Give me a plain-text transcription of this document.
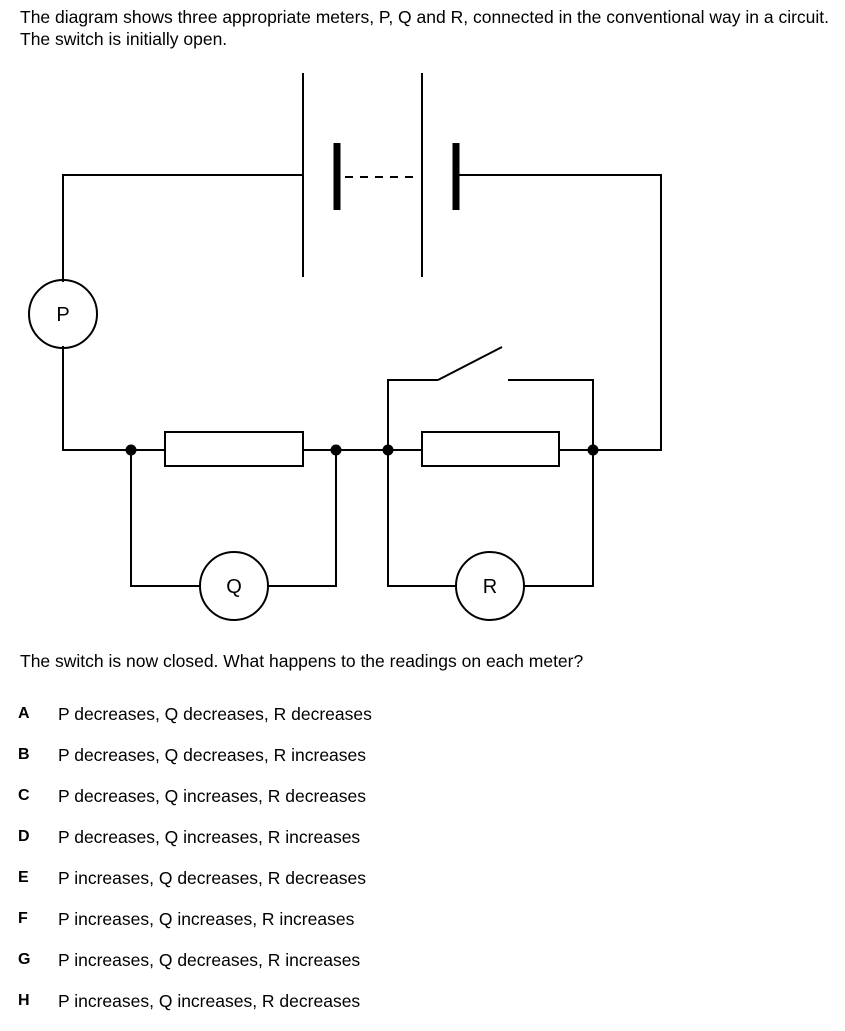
The diagram shows three appropriate meters, P, Q and R, connected in the conventional way in a circuit. The switch is initially open.
P
Q	R
The switch is now closed. What happens to the readings on each meter?
A	P decreases, Q decreases, R decreases
B	P decreases, Q decreases, R increases
C	P decreases, Q increases, R decreases
D	P decreases, Q increases, R increases
E	P increases, Q decreases, R decreases
F	P increases, Q increases, R increases
G	P increases, Q decreases, R increases
H	P increases, Q increases, R decreases
